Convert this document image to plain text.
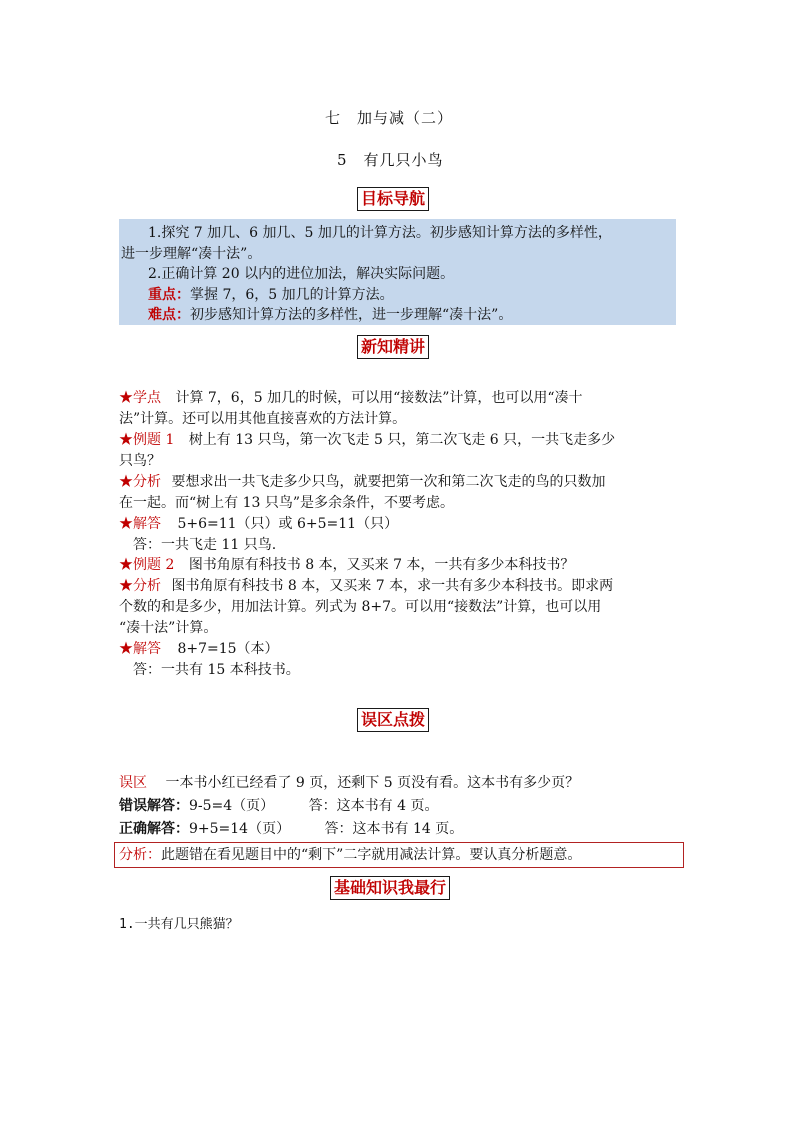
七　加与减（二）
5　有几只小鸟
目标导航
1.探究 7 加几、6 加几、5 加几的计算方法。初步感知计算方法的多样性，
进一步理解“凑十法”。
2.正确计算 20 以内的进位加法，解决实际问题。
重点：掌握 7，6，5 加几的计算方法。
难点：初步感知计算方法的多样性，进一步理解“凑十法”。
新知精讲
★学点 计算 7，6，5 加几的时候，可以用“接数法”计算，也可以用“凑十
法”计算。还可以用其他直接喜欢的方法计算。
★例题 1 树上有 13 只鸟，第一次飞走 5 只，第二次飞走 6 只，一共飞走多少
只鸟？
★分析 要想求出一共飞走多少只鸟，就要把第一次和第二次飞走的鸟的只数加
在一起。而“树上有 13 只鸟”是多余条件，不要考虑。
★解答 5+6=11（只）或 6+5=11（只）
答：一共飞走 11 只鸟.
★例题 2 图书角原有科技书 8 本，又买来 7 本，一共有多少本科技书？
★分析 图书角原有科技书 8 本，又买来 7 本，求一共有多少本科技书。即求两
个数的和是多少，用加法计算。列式为 8+7。可以用“接数法”计算，也可以用
“凑十法”计算。
★解答 8+7=15（本）
答：一共有 15 本科技书。
误区点拨
误区 一本书小红已经看了 9 页，还剩下 5 页没有看。这本书有多少页？
错误解答：9-5=4（页） 答：这本书有 4 页。
正确解答：9+5=14（页） 答：这本书有 14 页。
分析：此题错在看见题目中的“剩下”二字就用减法计算。要认真分析题意。
基础知识我最行
1.一共有几只熊猫？
